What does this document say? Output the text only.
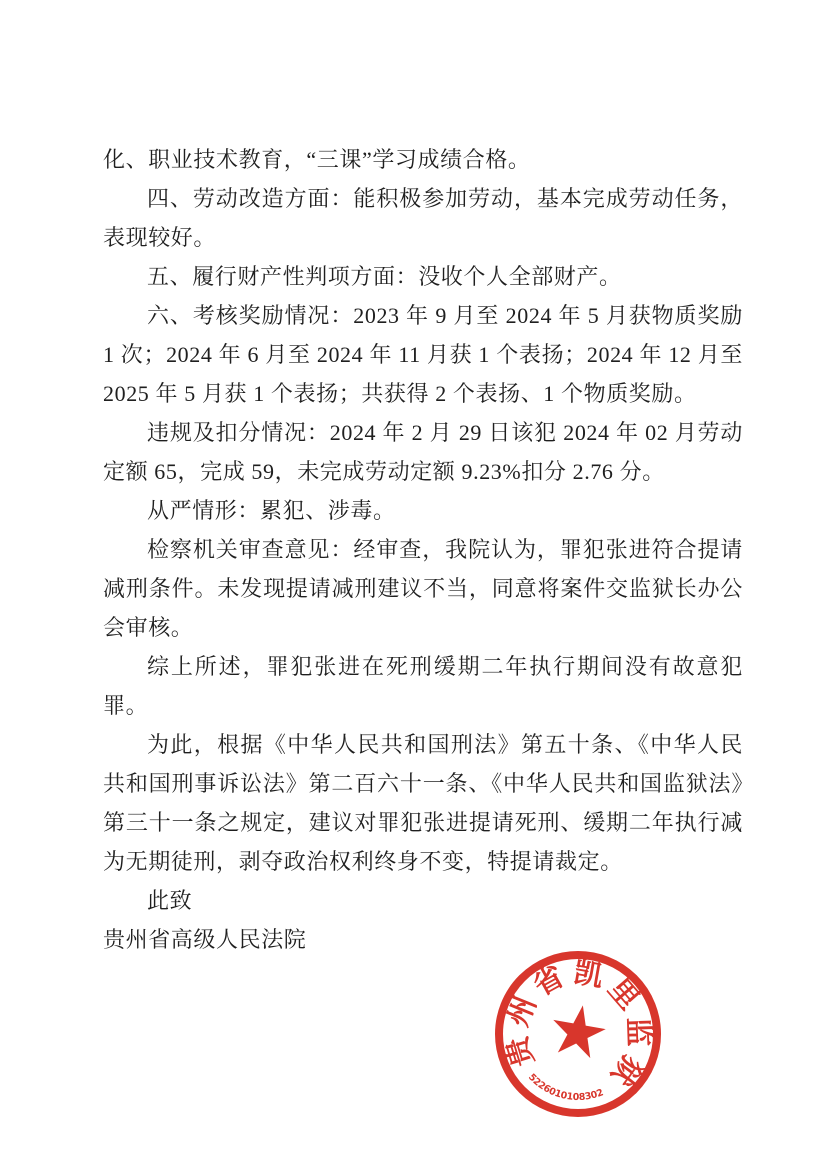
化、职业技术教育，“三课”学习成绩合格。

四、劳动改造方面：能积极参加劳动，基本完成劳动任务，表现较好。

五、履行财产性判项方面：没收个人全部财产。

六、考核奖励情况：2023 年 9 月至 2024 年 5 月获物质奖励 1 次；2024 年 6 月至 2024 年 11 月获 1 个表扬；2024 年 12 月至 2025 年 5 月获 1 个表扬；共获得 2 个表扬、1 个物质奖励。

违规及扣分情况：2024 年 2 月 29 日该犯 2024 年 02 月劳动定额 65，完成 59，未完成劳动定额 9.23%扣分 2.76 分。

从严情形：累犯、涉毒。

检察机关审查意见：经审查，我院认为，罪犯张进符合提请减刑条件。未发现提请减刑建议不当，同意将案件交监狱长办公会审核。

综上所述，罪犯张进在死刑缓期二年执行期间没有故意犯罪。

为此，根据《中华人民共和国刑法》第五十条、《中华人民共和国刑事诉讼法》第二百六十一条、《中华人民共和国监狱法》第三十一条之规定，建议对罪犯张进提请死刑、缓期二年执行减为无期徒刑，剥夺政治权利终身不变，特提请裁定。

此致

贵州省高级人民法院

贵
州
省 凯
里
监
狱
5226010108302
